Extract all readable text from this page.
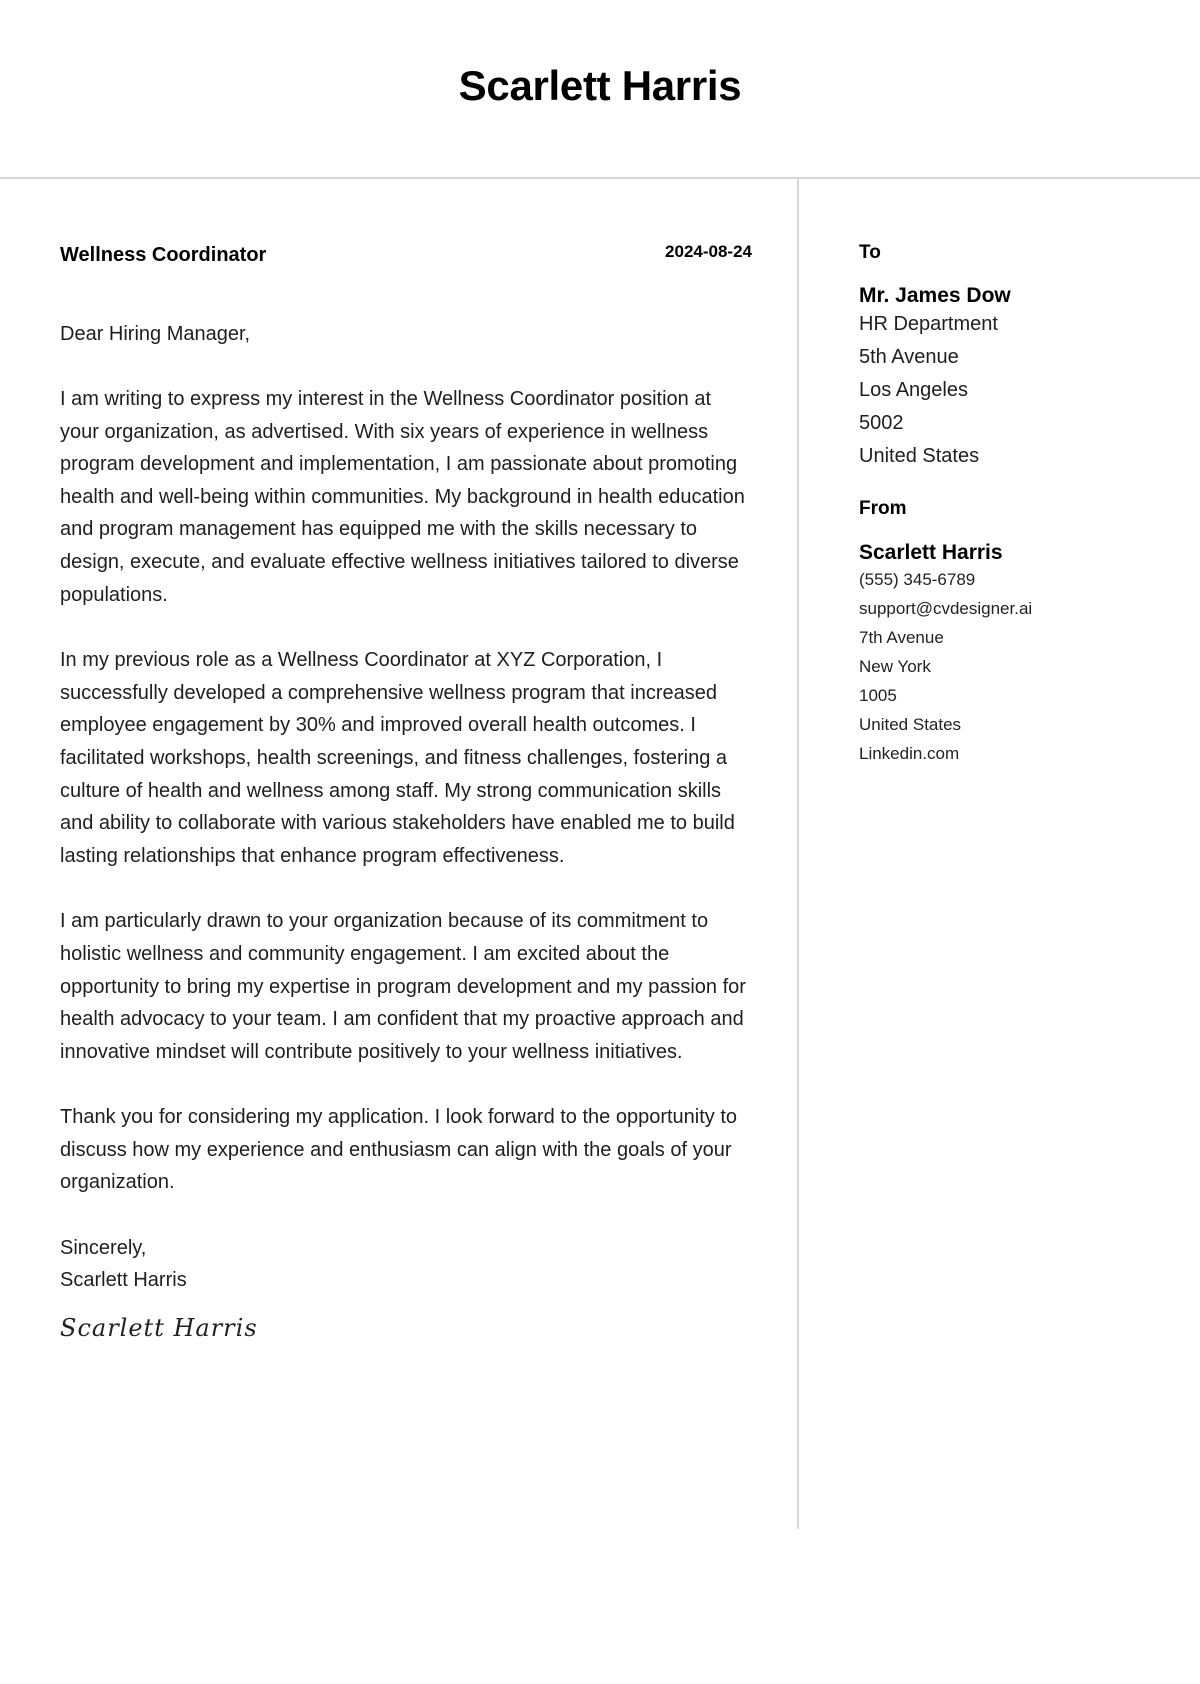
Scarlett Harris
Wellness Coordinator	2024-08-24
Dear Hiring Manager,

I am writing to express my interest in the Wellness Coordinator position at your organization, as advertised. With six years of experience in wellness program development and implementation, I am passionate about promoting health and well-being within communities. My background in health education and program management has equipped me with the skills necessary to design, execute, and evaluate effective wellness initiatives tailored to diverse populations.

In my previous role as a Wellness Coordinator at XYZ Corporation, I successfully developed a comprehensive wellness program that increased employee engagement by 30% and improved overall health outcomes. I facilitated workshops, health screenings, and fitness challenges, fostering a culture of health and wellness among staff. My strong communication skills and ability to collaborate with various stakeholders have enabled me to build lasting relationships that enhance program effectiveness.

I am particularly drawn to your organization because of its commitment to holistic wellness and community engagement. I am excited about the opportunity to bring my expertise in program development and my passion for health advocacy to your team. I am confident that my proactive approach and innovative mindset will contribute positively to your wellness initiatives.

Thank you for considering my application. I look forward to the opportunity to discuss how my experience and enthusiasm can align with the goals of your organization.

Sincerely,
Scarlett Harris
Scarlett Harris
To
Mr. James Dow
HR Department
5th Avenue
Los Angeles
5002
United States
From
Scarlett Harris
(555) 345-6789
support@cvdesigner.ai
7th Avenue
New York
1005
United States
Linkedin.com
